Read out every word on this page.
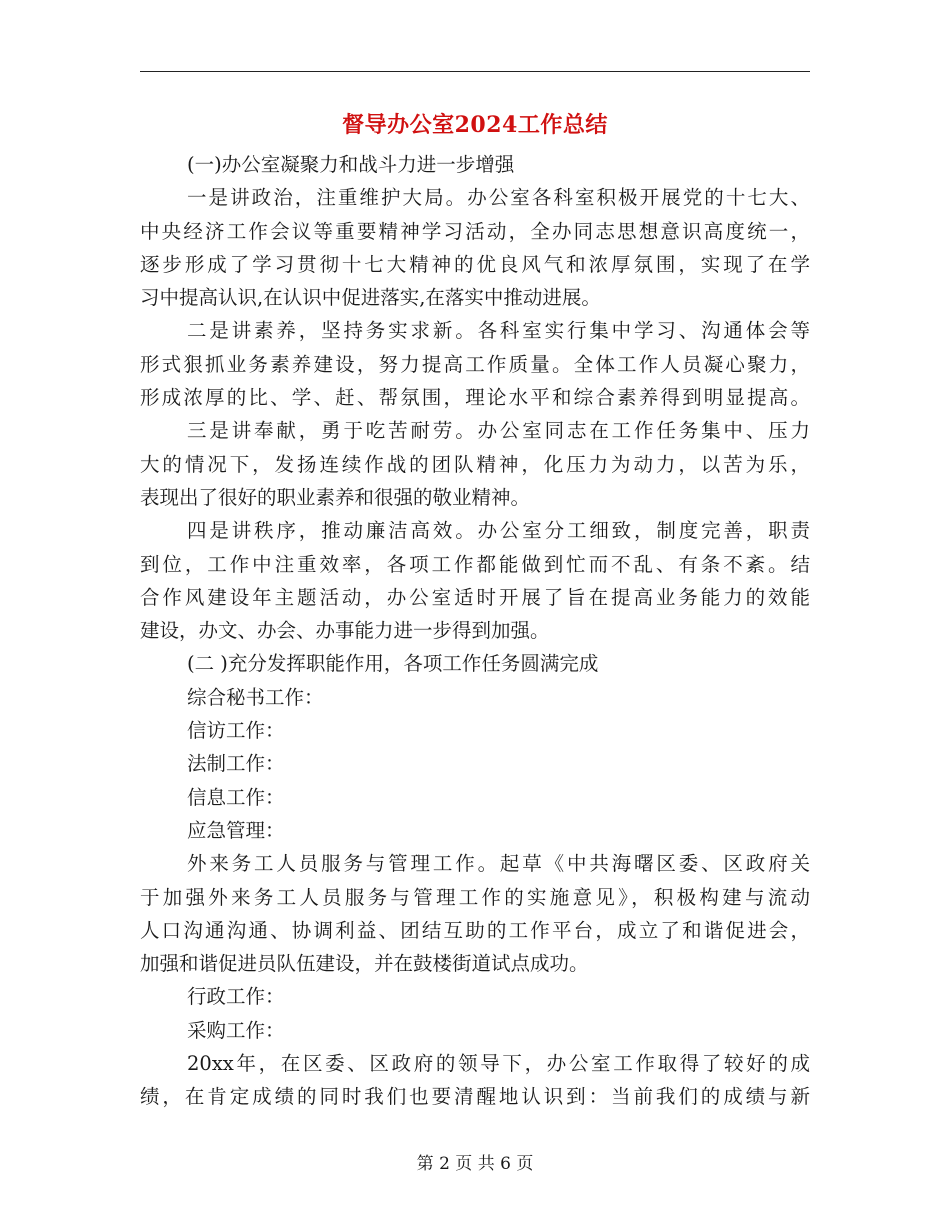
督导办公室2024工作总结
(一)办公室凝聚力和战斗力进一步增强
一是讲政治，注重维护大局。办公室各科室积极开展党的十七大、
中央经济工作会议等重要精神学习活动，全办同志思想意识高度统一，
逐步形成了学习贯彻十七大精神的优良风气和浓厚氛围，实现了在学
习中提高认识,在认识中促进落实,在落实中推动进展。
二是讲素养，坚持务实求新。各科室实行集中学习、沟通体会等
形式狠抓业务素养建设，努力提高工作质量。全体工作人员凝心聚力，
形成浓厚的比、学、赶、帮氛围，理论水平和综合素养得到明显提高。
三是讲奉献，勇于吃苦耐劳。办公室同志在工作任务集中、压力
大的情况下，发扬连续作战的团队精神，化压力为动力，以苦为乐，
表现出了很好的职业素养和很强的敬业精神。
四是讲秩序，推动廉洁高效。办公室分工细致，制度完善，职责
到位，工作中注重效率，各项工作都能做到忙而不乱、有条不紊。结
合作风建设年主题活动，办公室适时开展了旨在提高业务能力的效能
建设，办文、办会、办事能力进一步得到加强。
(二 )充分发挥职能作用，各项工作任务圆满完成
综合秘书工作：
信访工作：
法制工作：
信息工作：
应急管理：
外来务工人员服务与管理工作。起草《中共海曙区委、区政府关
于加强外来务工人员服务与管理工作的实施意见》，积极构建与流动
人口沟通沟通、协调利益、团结互助的工作平台，成立了和谐促进会，
加强和谐促进员队伍建设，并在鼓楼街道试点成功。
行政工作：
采购工作：
20xx年，在区委、区政府的领导下，办公室工作取得了较好的成
绩，在肯定成绩的同时我们也要清醒地认识到：当前我们的成绩与新
第 2 页 共 6 页
